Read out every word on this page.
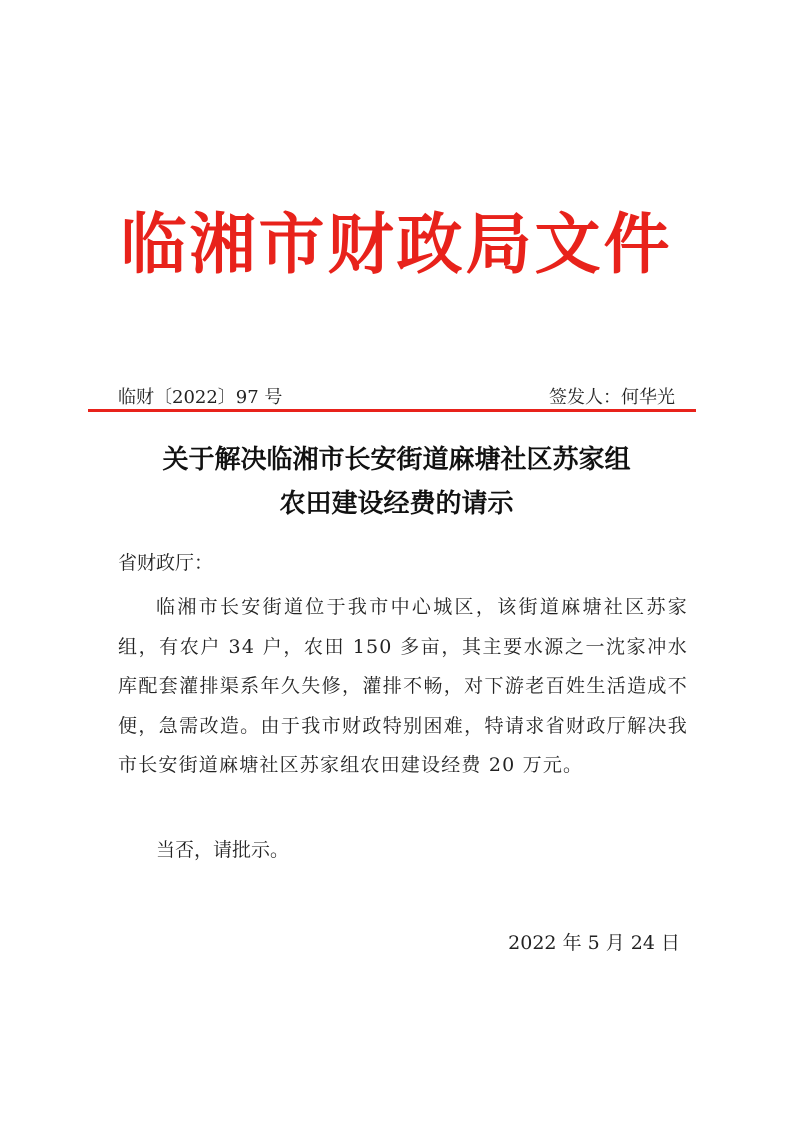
临湘市财政局文件
临财〔2022〕97 号	签发人：何华光
关于解决临湘市长安街道麻塘社区苏家组
农田建设经费的请示
省财政厅：
临湘市长安街道位于我市中心城区，该街道麻塘社区苏家组，有农户 34 户，农田 150 多亩，其主要水源之一沈家冲水库配套灌排渠系年久失修，灌排不畅，对下游老百姓生活造成不便，急需改造。由于我市财政特别困难，特请求省财政厅解决我市长安街道麻塘社区苏家组农田建设经费 20 万元。
当否，请批示。
2022 年 5 月 24 日
